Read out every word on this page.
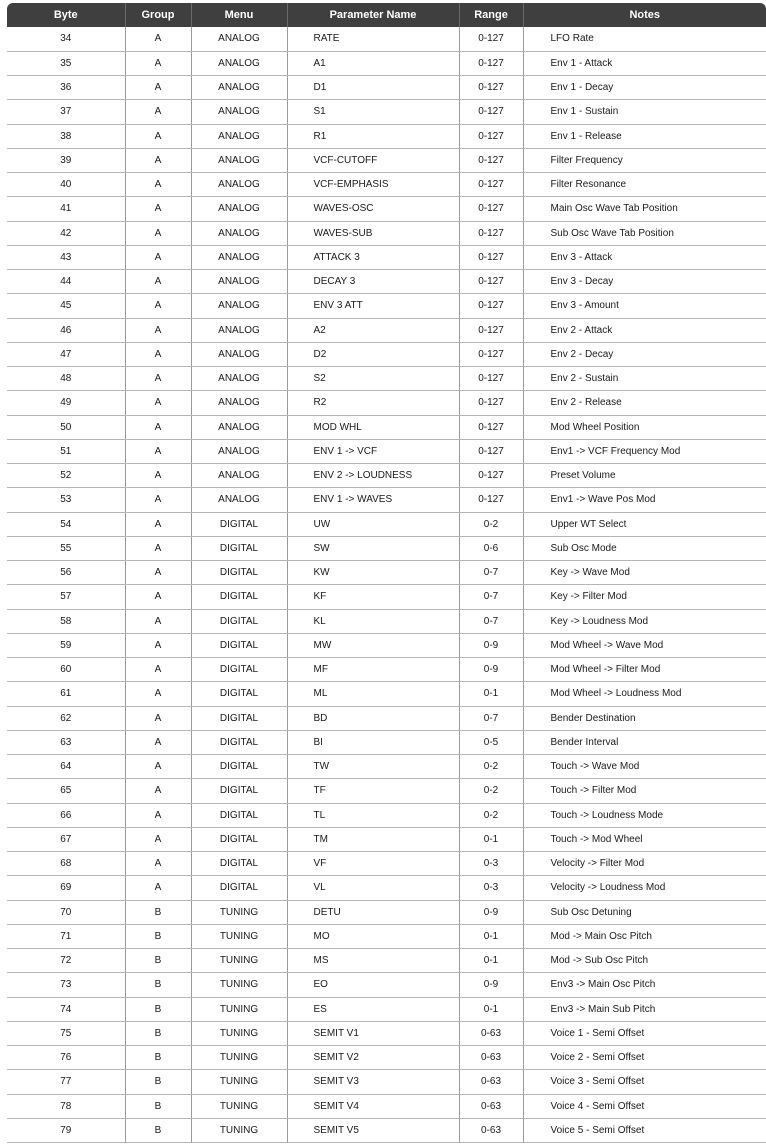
Byte	Group	Menu	Parameter Name	Range	Notes
34	A	ANALOG	RATE	0-127	LFO Rate
35	A	ANALOG	A1	0-127	Env 1 - Attack
36	A	ANALOG	D1	0-127	Env 1 - Decay
37	A	ANALOG	S1	0-127	Env 1 - Sustain
38	A	ANALOG	R1	0-127	Env 1 - Release
39	A	ANALOG	VCF-CUTOFF	0-127	Filter Frequency
40	A	ANALOG	VCF-EMPHASIS	0-127	Filter Resonance
41	A	ANALOG	WAVES-OSC	0-127	Main Osc Wave Tab Position
42	A	ANALOG	WAVES-SUB	0-127	Sub Osc Wave Tab Position
43	A	ANALOG	ATTACK 3	0-127	Env 3 - Attack
44	A	ANALOG	DECAY 3	0-127	Env 3 - Decay
45	A	ANALOG	ENV 3 ATT	0-127	Env 3 - Amount
46	A	ANALOG	A2	0-127	Env 2 - Attack
47	A	ANALOG	D2	0-127	Env 2 - Decay
48	A	ANALOG	S2	0-127	Env 2 - Sustain
49	A	ANALOG	R2	0-127	Env 2 - Release
50	A	ANALOG	MOD WHL	0-127	Mod Wheel Position
51	A	ANALOG	ENV 1 -> VCF	0-127	Env1 -> VCF Frequency Mod
52	A	ANALOG	ENV 2 -> LOUDNESS	0-127	Preset Volume
53	A	ANALOG	ENV 1 -> WAVES	0-127	Env1 -> Wave Pos Mod
54	A	DIGITAL	UW	0-2	Upper WT Select
55	A	DIGITAL	SW	0-6	Sub Osc Mode
56	A	DIGITAL	KW	0-7	Key -> Wave Mod
57	A	DIGITAL	KF	0-7	Key -> Filter Mod
58	A	DIGITAL	KL	0-7	Key -> Loudness Mod
59	A	DIGITAL	MW	0-9	Mod Wheel -> Wave Mod
60	A	DIGITAL	MF	0-9	Mod Wheel -> Filter Mod
61	A	DIGITAL	ML	0-1	Mod Wheel -> Loudness Mod
62	A	DIGITAL	BD	0-7	Bender Destination
63	A	DIGITAL	BI	0-5	Bender Interval
64	A	DIGITAL	TW	0-2	Touch -> Wave Mod
65	A	DIGITAL	TF	0-2	Touch -> Filter Mod
66	A	DIGITAL	TL	0-2	Touch -> Loudness Mode
67	A	DIGITAL	TM	0-1	Touch -> Mod Wheel
68	A	DIGITAL	VF	0-3	Velocity -> Filter Mod
69	A	DIGITAL	VL	0-3	Velocity -> Loudness Mod
70	B	TUNING	DETU	0-9	Sub Osc Detuning
71	B	TUNING	MO	0-1	Mod -> Main Osc Pitch
72	B	TUNING	MS	0-1	Mod -> Sub Osc Pitch
73	B	TUNING	EO	0-9	Env3 -> Main Osc Pitch
74	B	TUNING	ES	0-1	Env3 -> Main Sub Pitch
75	B	TUNING	SEMIT V1	0-63	Voice 1 - Semi Offset
76	B	TUNING	SEMIT V2	0-63	Voice 2 - Semi Offset
77	B	TUNING	SEMIT V3	0-63	Voice 3 - Semi Offset
78	B	TUNING	SEMIT V4	0-63	Voice 4 - Semi Offset
79	B	TUNING	SEMIT V5	0-63	Voice 5 - Semi Offset
